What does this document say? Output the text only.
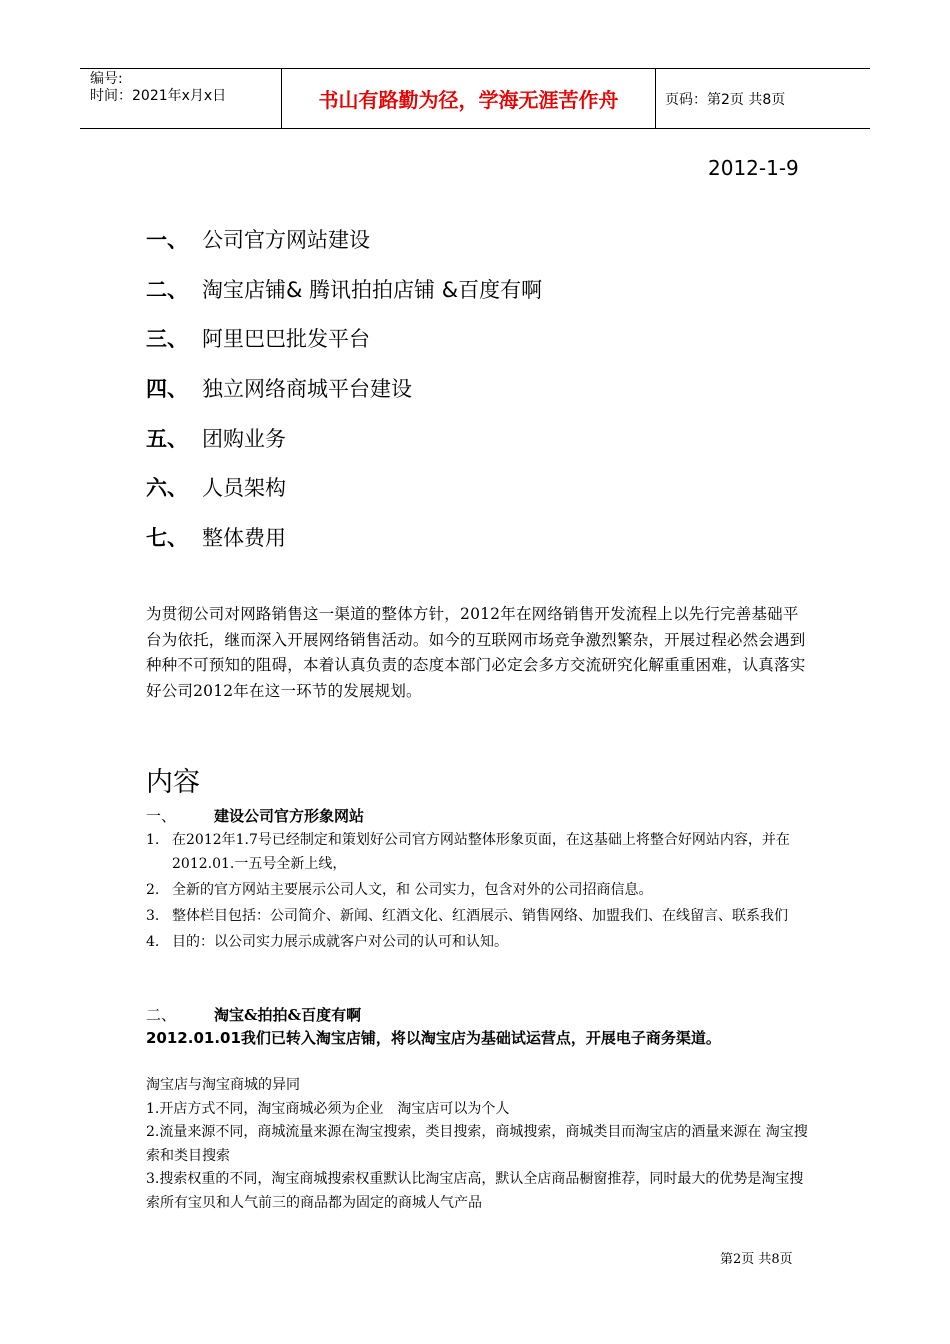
编号:
时间：2021年x月x日	书山有路勤为径，学海无涯苦作舟	页码：第2页 共8页
2012-1-9
一、 公司官方网站建设
二、 淘宝店铺& 腾讯拍拍店铺 &百度有啊
三、 阿里巴巴批发平台
四、 独立网络商城平台建设
五、 团购业务
六、 人员架构
七、 整体费用
为贯彻公司对网路销售这一渠道的整体方针，2012年在网络销售开发流程上以先行完善基础平台为依托，继而深入开展网络销售活动。如今的互联网市场竞争激烈繁杂，开展过程必然会遇到种种不可预知的阻碍，本着认真负责的态度本部门必定会多方交流研究化解重重困难，认真落实好公司2012年在这一环节的发展规划。
内容
一、	建设公司官方形象网站
1. 在2012年1.7号已经制定和策划好公司官方网站整体形象页面，在这基础上将整合好网站内容，并在2012.01.一五号全新上线，
2. 全新的官方网站主要展示公司人文，和 公司实力，包含对外的公司招商信息。
3. 整体栏目包括：公司简介、新闻、红酒文化、红酒展示、销售网络、加盟我们、在线留言、联系我们
4. 目的：以公司实力展示成就客户对公司的认可和认知。
二、	淘宝&拍拍&百度有啊
2012.01.01我们已转入淘宝店铺，将以淘宝店为基础试运营点，开展电子商务渠道。

淘宝店与淘宝商城的异同

1.开店方式不同，淘宝商城必须为企业　淘宝店可以为个人

2.流量来源不同，商城流量来源在淘宝搜索，类目搜索，商城搜索，商城类目而淘宝店的酒量来源在 淘宝搜索和类目搜索

3.搜索权重的不同，淘宝商城搜索权重默认比淘宝店高，默认全店商品橱窗推荐，同时最大的优势是淘宝搜索所有宝贝和人气前三的商品都为固定的商城人气产品

第2页 共8页
